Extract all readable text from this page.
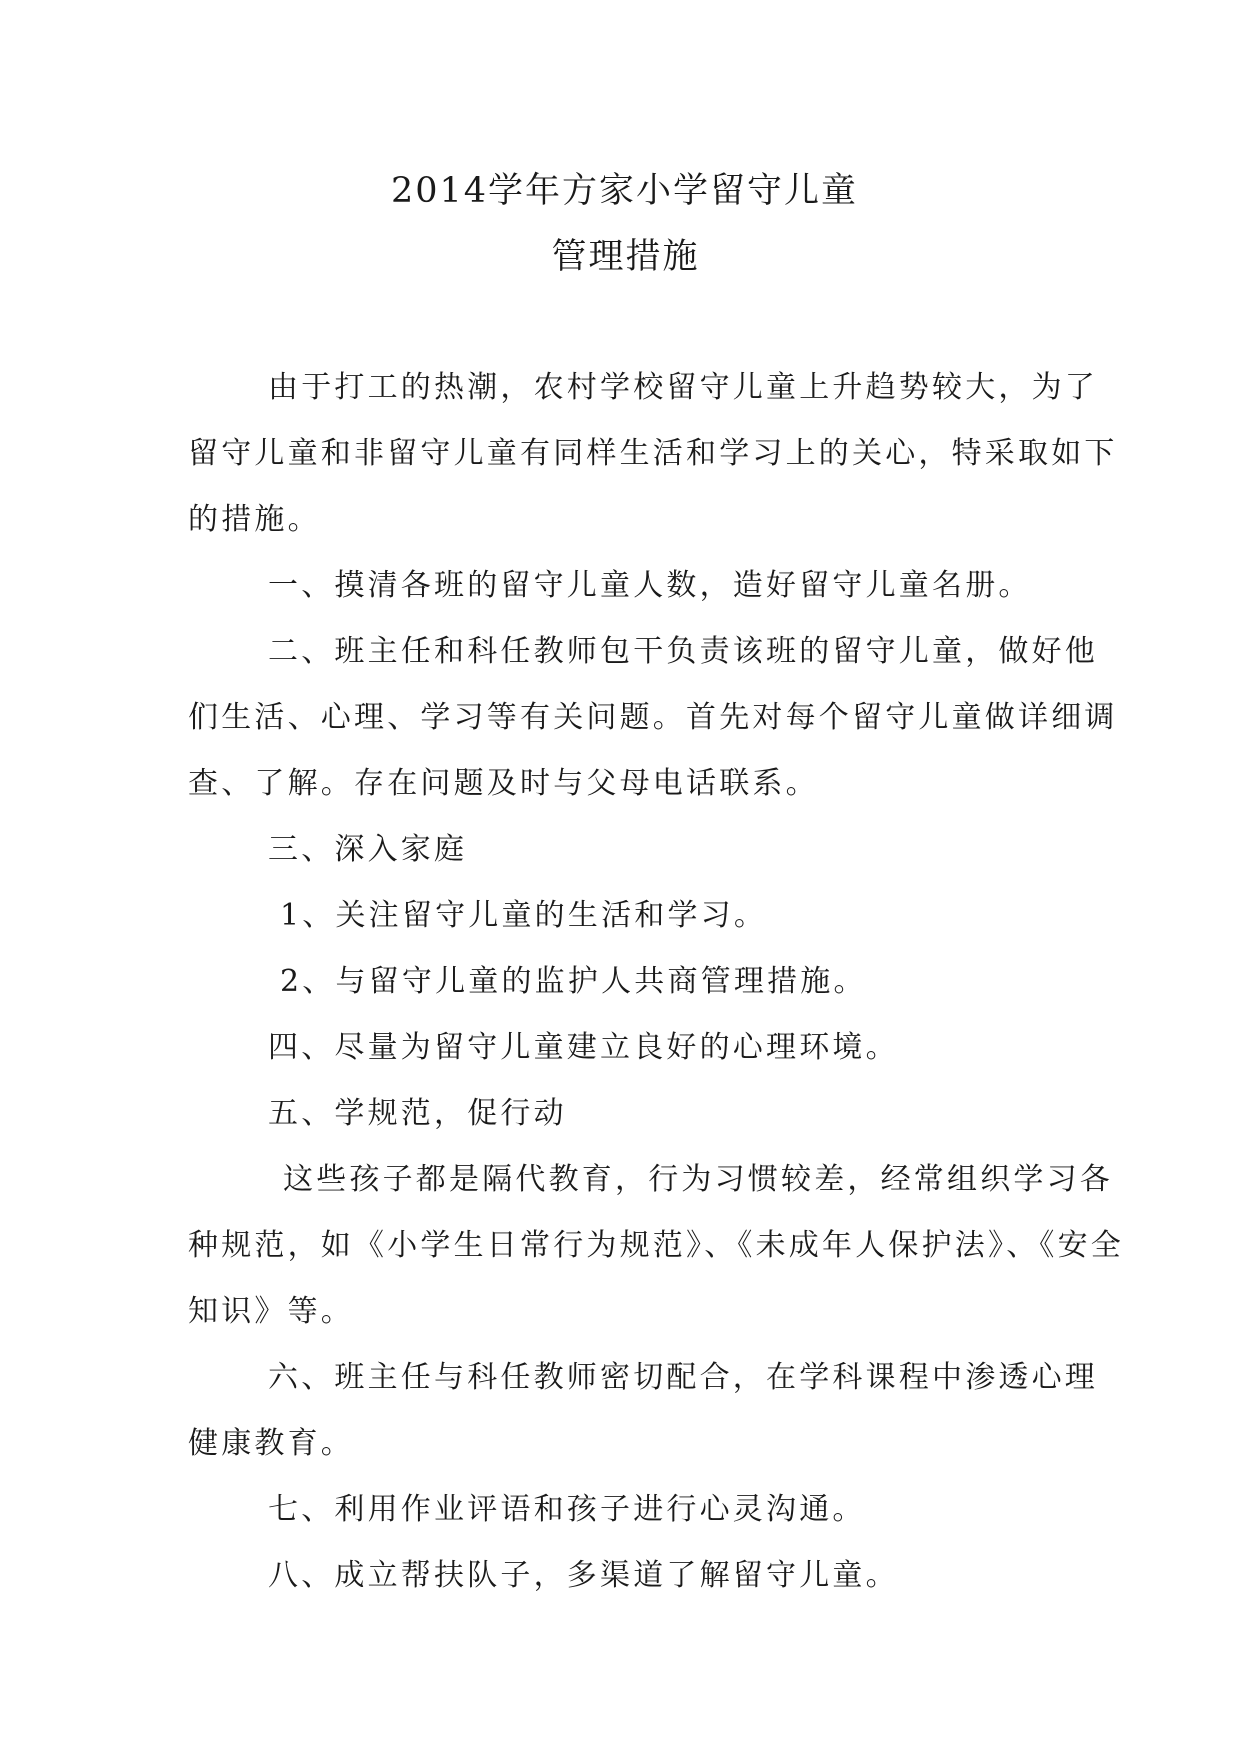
2014学年方家小学留守儿童
管理措施
由于打工的热潮，农村学校留守儿童上升趋势较大，为了
留守儿童和非留守儿童有同样生活和学习上的关心，特采取如下
的措施。
一、摸清各班的留守儿童人数，造好留守儿童名册。
二、班主任和科任教师包干负责该班的留守儿童，做好他
们生活、心理、学习等有关问题。首先对每个留守儿童做详细调
查、了解。存在问题及时与父母电话联系。
三、深入家庭
1、关注留守儿童的生活和学习。
2、与留守儿童的监护人共商管理措施。
四、尽量为留守儿童建立良好的心理环境。
五、学规范，促行动
这些孩子都是隔代教育，行为习惯较差，经常组织学习各
种规范，如《小学生日常行为规范》、《未成年人保护法》、《安全
知识》等。
六、班主任与科任教师密切配合，在学科课程中渗透心理
健康教育。
七、利用作业评语和孩子进行心灵沟通。
八、成立帮扶队子，多渠道了解留守儿童。
